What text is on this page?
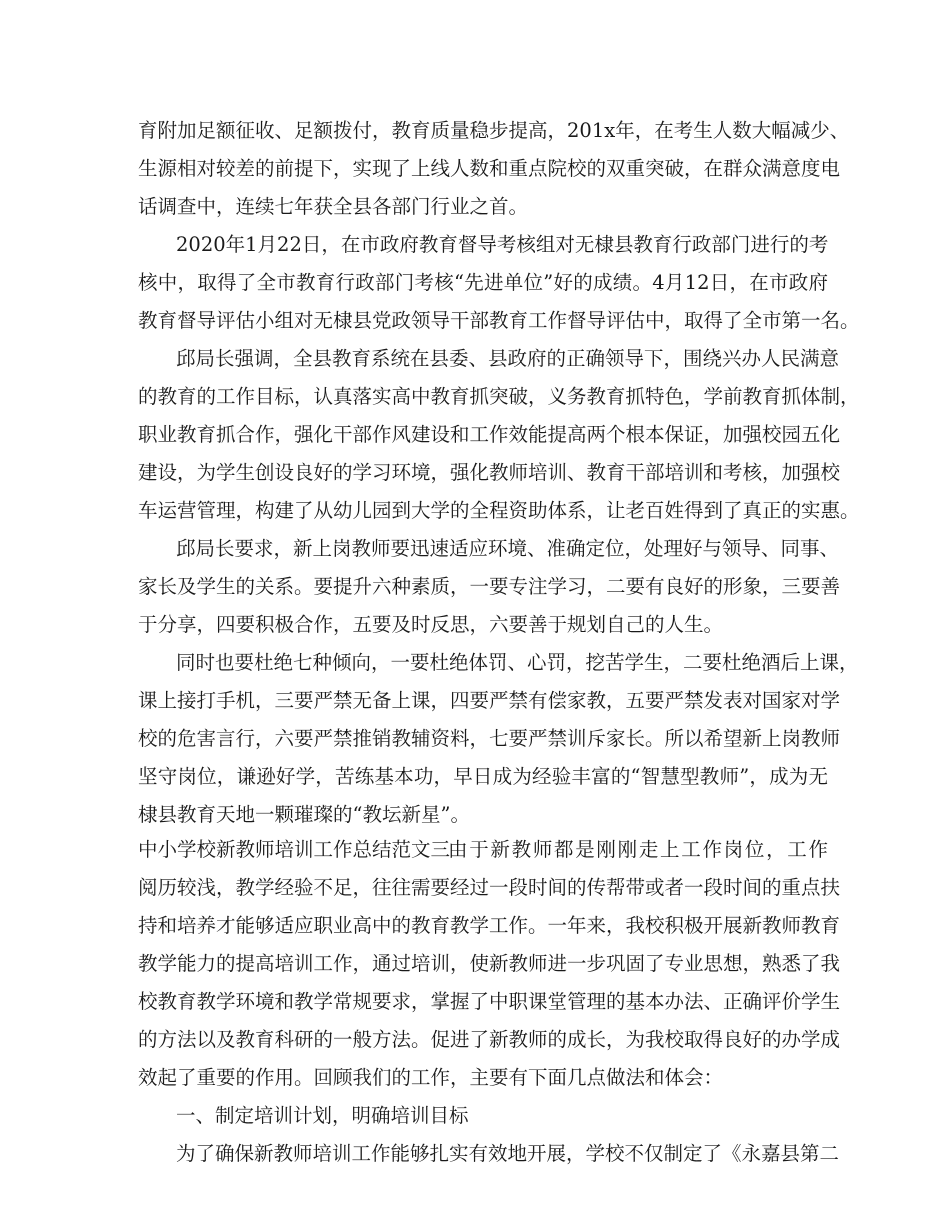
育附加足额征收、足额拨付，教育质量稳步提高，201x年，在考生人数大幅减少、
生源相对较差的前提下，实现了上线人数和重点院校的双重突破，在群众满意度电
话调查中，连续七年获全县各部门行业之首。
2020年1月22日，在市政府教育督导考核组对无棣县教育行政部门进行的考
核中，取得了全市教育行政部门考核“先进单位”好的成绩。4月12日，在市政府
教育督导评估小组对无棣县党政领导干部教育工作督导评估中，取得了全市第一名。
邱局长强调，全县教育系统在县委、县政府的正确领导下，围绕兴办人民满意
的教育的工作目标，认真落实高中教育抓突破，义务教育抓特色，学前教育抓体制，
职业教育抓合作，强化干部作风建设和工作效能提高两个根本保证，加强校园五化
建设，为学生创设良好的学习环境，强化教师培训、教育干部培训和考核，加强校
车运营管理，构建了从幼儿园到大学的全程资助体系，让老百姓得到了真正的实惠。
邱局长要求，新上岗教师要迅速适应环境、准确定位，处理好与领导、同事、
家长及学生的关系。要提升六种素质，一要专注学习，二要有良好的形象，三要善
于分享，四要积极合作，五要及时反思，六要善于规划自己的人生。
同时也要杜绝七种倾向，一要杜绝体罚、心罚，挖苦学生，二要杜绝酒后上课，
课上接打手机，三要严禁无备上课，四要严禁有偿家教，五要严禁发表对国家对学
校的危害言行，六要严禁推销教辅资料，七要严禁训斥家长。所以希望新上岗教师
坚守岗位，谦逊好学，苦练基本功，早日成为经验丰富的“智慧型教师”，成为无
棣县教育天地一颗璀璨的“教坛新星”。
中小学校新教师培训工作总结范文三
由于新教师都是刚刚走上工作岗位，工作
阅历较浅，教学经验不足，往往需要经过一段时间的传帮带或者一段时间的重点扶
持和培养才能够适应职业高中的教育教学工作。一年来，我校积极开展新教师教育
教学能力的提高培训工作，通过培训，使新教师进一步巩固了专业思想，熟悉了我
校教育教学环境和教学常规要求，掌握了中职课堂管理的基本办法、正确评价学生
的方法以及教育科研的一般方法。促进了新教师的成长，为我校取得良好的办学成
效起了重要的作用。回顾我们的工作，主要有下面几点做法和体会：
一、制定培训计划，明确培训目标
为了确保新教师培训工作能够扎实有效地开展，学校不仅制定了《永嘉县第二
